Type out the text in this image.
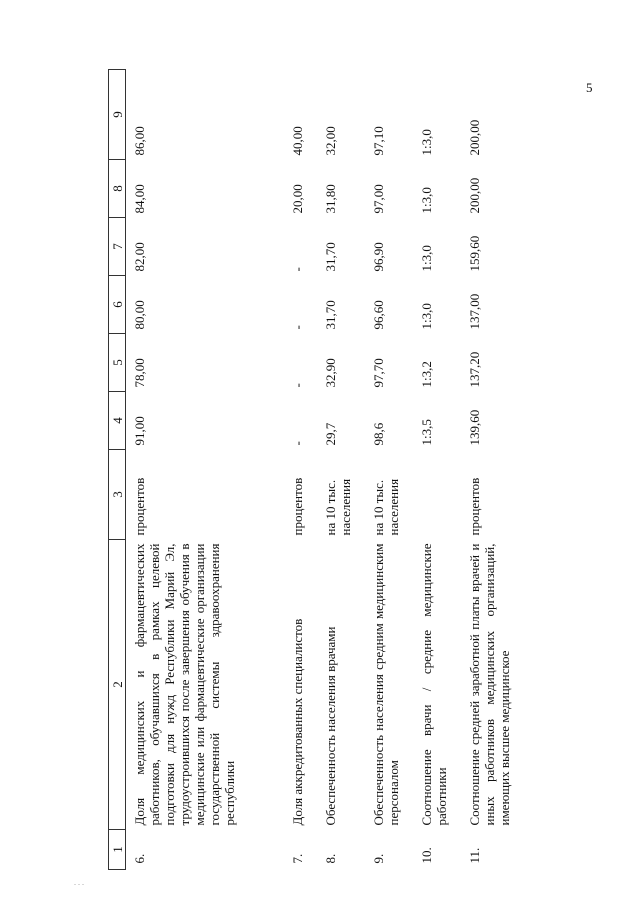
5
1	2	3	4	5	6	7	8	9
6.	Доля медицинских и фармацевтических работников, обучавшихся в рамках целевой подготовки для нужд Республики Марий Эл, трудоустроившихся после завершения обучения в медицинские или фармацевтические организации государственной системы здравоохранения республики	процентов	91,00	78,00	80,00	82,00	84,00	86,00
7.	Доля аккредитованных специалистов	процентов	-	-	-	-	20,00	40,00
8.	Обеспеченность населения врачами	на 10 тыс. населения	29,7	32,90	31,70	31,70	31,80	32,00
9.	Обеспеченность населения средним медицинским персоналом	на 10 тыс. населения	98,6	97,70	96,60	96,90	97,00	97,10
10.	Соотношение врачи / средние медицинские работники		1:3,5	1:3,2	1:3,0	1:3,0	1:3,0	1:3,0
11.	Соотношение средней заработной платы врачей и иных работников медицинских организаций, имеющих высшее медицинское	процентов	139,60	137,20	137,00	159,60	200,00	200,00
. . .
